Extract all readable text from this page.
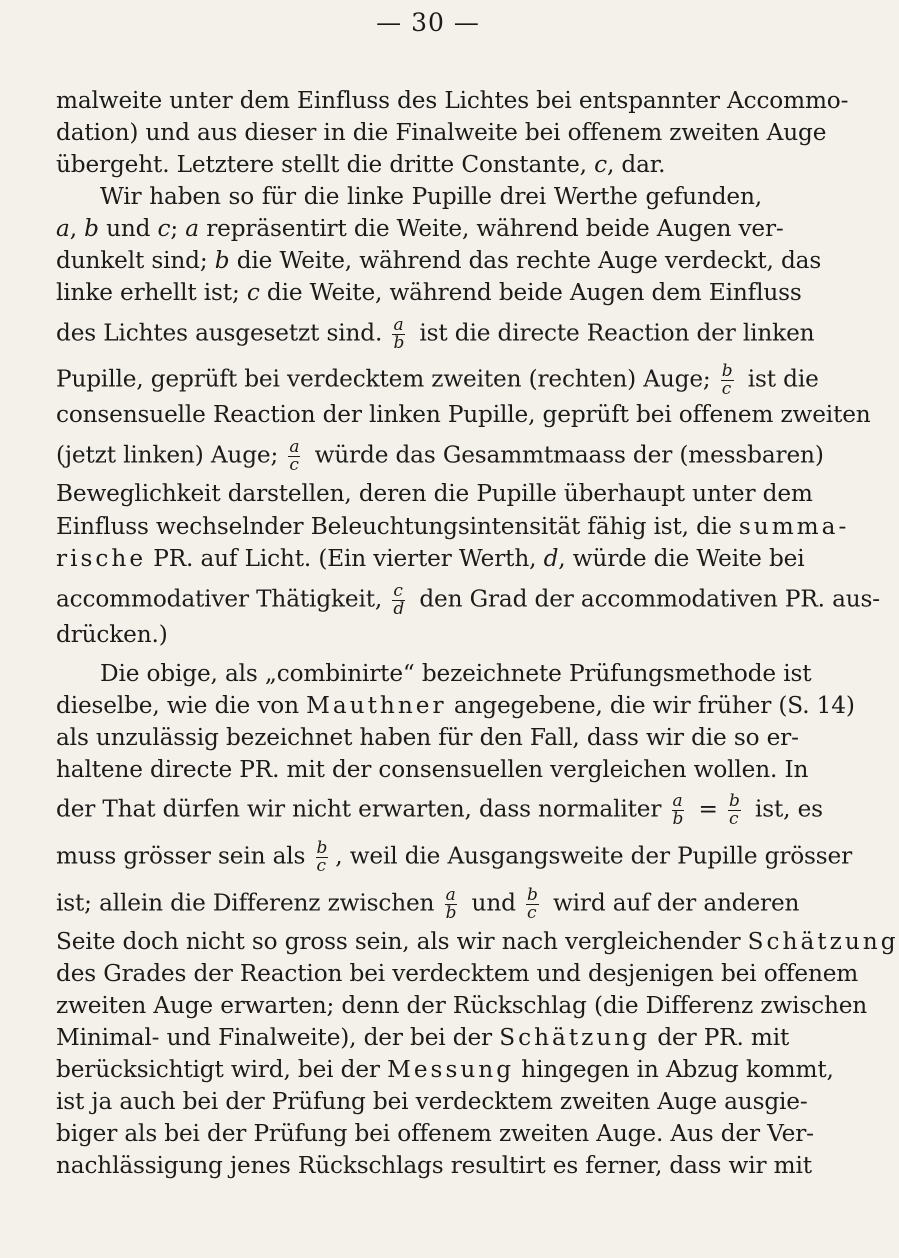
— 30 —
malweite unter dem Einfluss des Lichtes bei entspannter Accommo-
dation) und aus dieser in die Finalweite bei offenem zweiten Auge
übergeht. Letztere stellt die dritte Constante, c, dar.
Wir haben so für die linke Pupille drei Werthe gefunden,
a, b und c; a repräsentirt die Weite, während beide Augen ver-
dunkelt sind; b die Weite, während das rechte Auge verdeckt, das
linke erhellt ist; c die Weite, während beide Augen dem Einfluss
des Lichtes ausgesetzt sind. $\frac{a}{b}$ ist die directe Reaction der linken
Pupille, geprüft bei verdecktem zweiten (rechten) Auge; $\frac{b}{c}$ ist die
consensuelle Reaction der linken Pupille, geprüft bei offenem zweiten
(jetzt linken) Auge; $\frac{a}{c}$ würde das Gesammtmaass der (messbaren)
Beweglichkeit darstellen, deren die Pupille überhaupt unter dem
Einfluss wechselnder Beleuchtungsintensität fähig ist, die summa-
rische PR. auf Licht. (Ein vierter Werth, d, würde die Weite bei
accommodativer Thätigkeit, $\frac{c}{d}$ den Grad der accommodativen PR. aus-
drücken.)
Die obige, als „combinirte“ bezeichnete Prüfungsmethode ist
dieselbe, wie die von Mauthner angegebene, die wir früher (S. 14)
als unzulässig bezeichnet haben für den Fall, dass wir die so er-
haltene directe PR. mit der consensuellen vergleichen wollen. In
der That dürfen wir nicht erwarten, dass normaliter $\frac{a}{b} = \frac{b}{c}$ ist, es
muss grösser sein als $\frac{b}{c}$ , weil die Ausgangsweite der Pupille grösser
ist; allein die Differenz zwischen $\frac{a}{b}$ und $\frac{b}{c}$ wird auf der anderen
Seite doch nicht so gross sein, als wir nach vergleichender Schätzung
des Grades der Reaction bei verdecktem und desjenigen bei offenem
zweiten Auge erwarten; denn der Rückschlag (die Differenz zwischen
Minimal- und Finalweite), der bei der Schätzung der PR. mit
berücksichtigt wird, bei der Messung hingegen in Abzug kommt,
ist ja auch bei der Prüfung bei verdecktem zweiten Auge ausgie-
biger als bei der Prüfung bei offenem zweiten Auge. Aus der Ver-
nachlässigung jenes Rückschlags resultirt es ferner, dass wir mit
